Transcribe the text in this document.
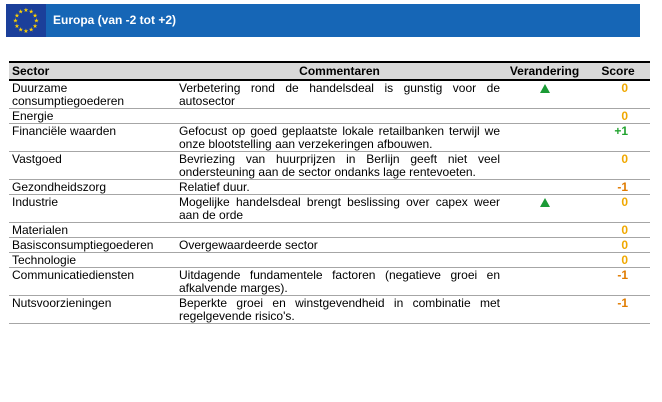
★ ★
★
★
★
★
★
★
★
★
★
★
Europa (van -2 tot +2)
Sector	Commentaren	Verandering	Score
Duurzame consumptiegoederen	Verbetering rond de handelsdeal is gunstig voor de autosector		0
Energie			0
Financiële waarden	Gefocust op goed geplaatste lokale retailbanken terwijl we onze blootstelling aan verzekeringen afbouwen.		+1
Vastgoed	Bevriezing van huurprijzen in Berlijn geeft niet veel ondersteuning aan de sector ondanks lage rentevoeten.		0
Gezondheidszorg	Relatief duur.		-1
Industrie	Mogelijke handelsdeal brengt beslissing over capex weer aan de orde		0
Materialen			0
Basisconsumptiegoederen	Overgewaardeerde sector		0
Technologie			0
Communicatiediensten	Uitdagende fundamentele factoren (negatieve groei en afkalvende marges).		-1
Nutsvoorzieningen	Beperkte groei en winstgevendheid in combinatie met regelgevende risico's.		-1
